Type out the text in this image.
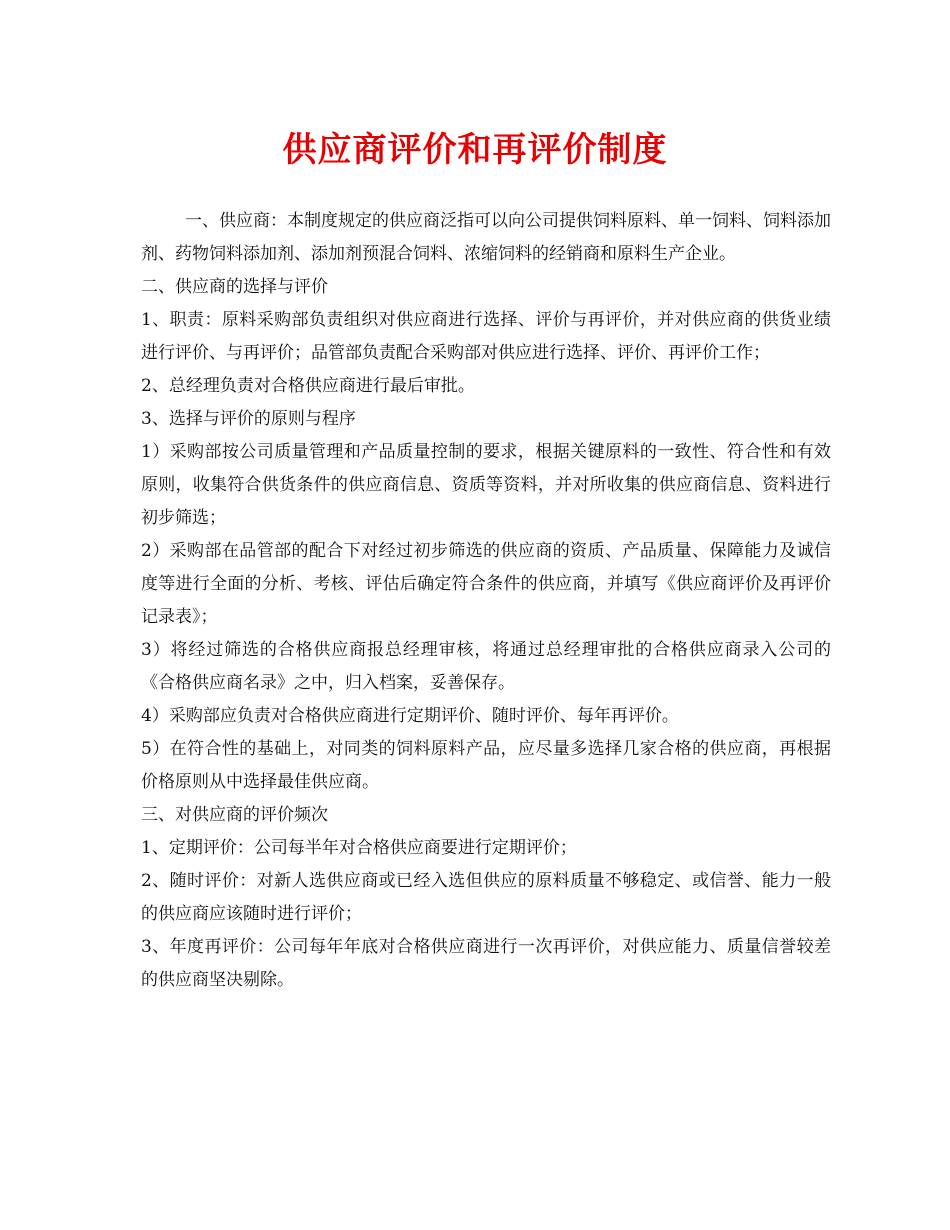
供应商评价和再评价制度

一、供应商：本制度规定的供应商泛指可以向公司提供饲料原料、单一饲料、饲料添加剂、药物饲料添加剂、添加剂预混合饲料、浓缩饲料的经销商和原料生产企业。

二、供应商的选择与评价

1、职责：原料采购部负责组织对供应商进行选择、评价与再评价，并对供应商的供货业绩进行评价、与再评价；品管部负责配合采购部对供应进行选择、评价、再评价工作；

2、总经理负责对合格供应商进行最后审批。

3、选择与评价的原则与程序

1）采购部按公司质量管理和产品质量控制的要求，根据关键原料的一致性、符合性和有效原则，收集符合供货条件的供应商信息、资质等资料，并对所收集的供应商信息、资料进行初步筛选；

2）采购部在品管部的配合下对经过初步筛选的供应商的资质、产品质量、保障能力及诚信度等进行全面的分析、考核、评估后确定符合条件的供应商，并填写《供应商评价及再评价记录表》；

3）将经过筛选的合格供应商报总经理审核，将通过总经理审批的合格供应商录入公司的《合格供应商名录》之中，归入档案，妥善保存。

4）采购部应负责对合格供应商进行定期评价、随时评价、每年再评价。

5）在符合性的基础上，对同类的饲料原料产品，应尽量多选择几家合格的供应商，再根据价格原则从中选择最佳供应商。

三、对供应商的评价频次

1、定期评价：公司每半年对合格供应商要进行定期评价；

2、随时评价：对新人选供应商或已经入选但供应的原料质量不够稳定、或信誉、能力一般的供应商应该随时进行评价；

3、年度再评价：公司每年年底对合格供应商进行一次再评价，对供应能力、质量信誉较差的供应商坚决剔除。
